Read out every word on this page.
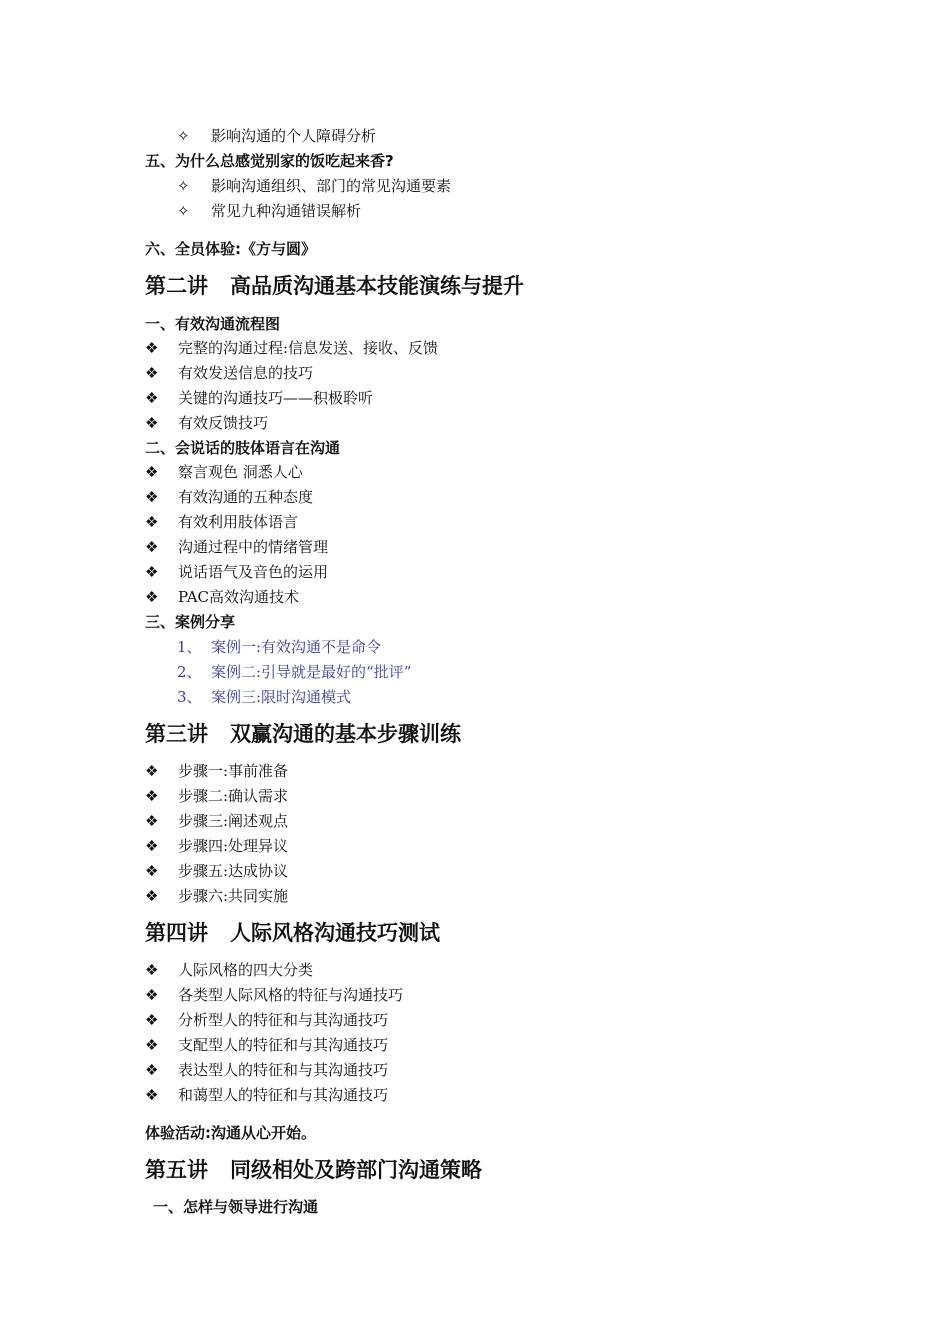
✧ 影响沟通的个人障碍分析
五、为什么总感觉别家的饭吃起来香?
✧ 影响沟通组织、部门的常见沟通要素
✧ 常见九种沟通错误解析
六、全员体验:《方与圆》
第二讲 高品质沟通基本技能演练与提升
一、有效沟通流程图
❖ 完整的沟通过程:信息发送、接收、反馈
❖ 有效发送信息的技巧
❖ 关键的沟通技巧——积极聆听
❖ 有效反馈技巧
二、会说话的肢体语言在沟通
❖ 察言观色 洞悉人心
❖ 有效沟通的五种态度
❖ 有效利用肢体语言
❖ 沟通过程中的情绪管理
❖ 说话语气及音色的运用
❖ PAC高效沟通技术
三、案例分享
1、 案例一:有效沟通不是命令
2、 案例二:引导就是最好的“批评”
3、 案例三:限时沟通模式
第三讲 双赢沟通的基本步骤训练
❖ 步骤一:事前准备
❖ 步骤二:确认需求
❖ 步骤三:阐述观点
❖ 步骤四:处理异议
❖ 步骤五:达成协议
❖ 步骤六:共同实施
第四讲 人际风格沟通技巧测试
❖ 人际风格的四大分类
❖ 各类型人际风格的特征与沟通技巧
❖ 分析型人的特征和与其沟通技巧
❖ 支配型人的特征和与其沟通技巧
❖ 表达型人的特征和与其沟通技巧
❖ 和蔼型人的特征和与其沟通技巧
体验活动:沟通从心开始。
第五讲 同级相处及跨部门沟通策略
一、怎样与领导进行沟通
